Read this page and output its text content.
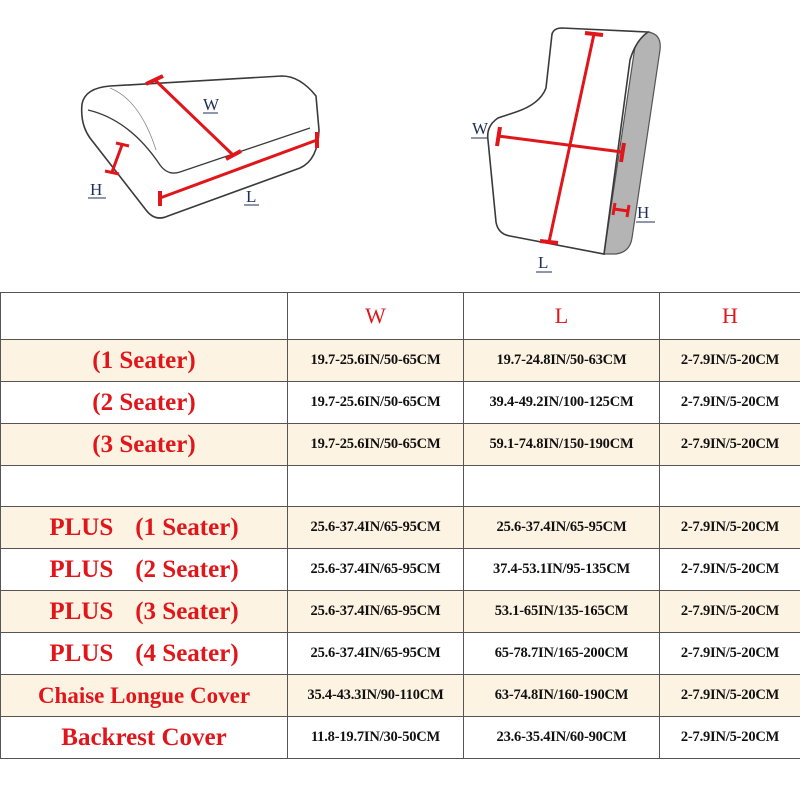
W
L
H
W
L
H
	W	L	H
(1 Seater)	19.7-25.6IN/50-65CM	19.7-24.8IN/50-63CM	2-7.9IN/5-20CM
(2 Seater)	19.7-25.6IN/50-65CM	39.4-49.2IN/100-125CM	2-7.9IN/5-20CM
(3 Seater)	19.7-25.6IN/50-65CM	59.1-74.8IN/150-190CM	2-7.9IN/5-20CM

PLUS (1 Seater)	25.6-37.4IN/65-95CM	25.6-37.4IN/65-95CM	2-7.9IN/5-20CM
PLUS (2 Seater)	25.6-37.4IN/65-95CM	37.4-53.1IN/95-135CM	2-7.9IN/5-20CM
PLUS (3 Seater)	25.6-37.4IN/65-95CM	53.1-65IN/135-165CM	2-7.9IN/5-20CM
PLUS (4 Seater)	25.6-37.4IN/65-95CM	65-78.7IN/165-200CM	2-7.9IN/5-20CM
Chaise Longue Cover	35.4-43.3IN/90-110CM	63-74.8IN/160-190CM	2-7.9IN/5-20CM
Backrest Cover	11.8-19.7IN/30-50CM	23.6-35.4IN/60-90CM	2-7.9IN/5-20CM
